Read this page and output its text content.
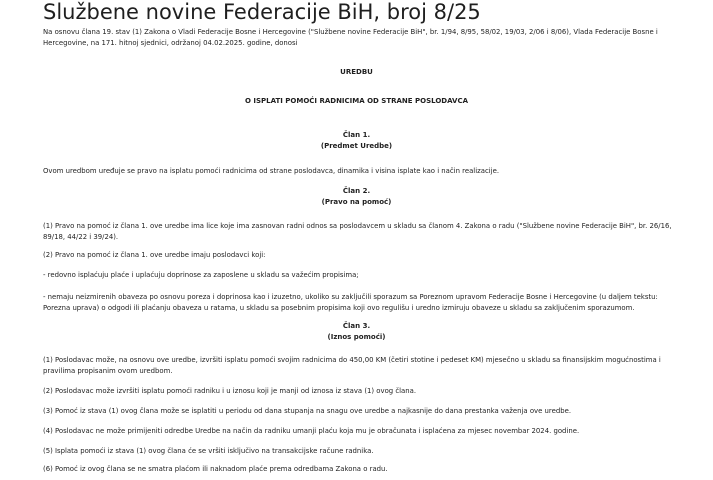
Službene novine Federacije BiH, broj 8/25
Na osnovu člana 19. stav (1) Zakona o Vladi Federacije Bosne i Hercegovine ("Službene novine Federacije BiH", br. 1/94, 8/95, 58/02, 19/03, 2/06 i 8/06), Vlada Federacije Bosne i Hercegovine, na 171. hitnoj sjednici, održanoj 04.02.2025. godine, donosi
UREDBU
O ISPLATI POMOĆI RADNICIMA OD STRANE POSLODAVCA
Član 1.
(Predmet Uredbe)
Ovom uredbom uređuje se pravo na isplatu pomoći radnicima od strane poslodavca, dinamika i visina isplate kao i način realizacije.
Član 2.
(Pravo na pomoć)
(1) Pravo na pomoć iz člana 1. ove uredbe ima lice koje ima zasnovan radni odnos sa poslodavcem u skladu sa članom 4. Zakona o radu ("Službene novine Federacije BiH", br. 26/16, 89/18, 44/22 i 39/24).
(2) Pravo na pomoć iz člana 1. ove uredbe imaju poslodavci koji:
- redovno isplaćuju plaće i uplaćuju doprinose za zaposlene u skladu sa važećim propisima;
- nemaju neizmirenih obaveza po osnovu poreza i doprinosa kao i izuzetno, ukoliko su zaključili sporazum sa Poreznom upravom Federacije Bosne i Hercegovine (u daljem tekstu: Porezna uprava) o odgodi ili plaćanju obaveza u ratama, u skladu sa posebnim propisima koji ovo regulišu i uredno izmiruju obaveze u skladu sa zaključenim sporazumom.
Član 3.
(Iznos pomoći)
(1) Poslodavac može, na osnovu ove uredbe, izvršiti isplatu pomoći svojim radnicima do 450,00 KM (četiri stotine i pedeset KM) mjesečno u skladu sa finansijskim mogućnostima i pravilima propisanim ovom uredbom.
(2) Poslodavac može izvršiti isplatu pomoći radniku i u iznosu koji je manji od iznosa iz stava (1) ovog člana.
(3) Pomoć iz stava (1) ovog člana može se isplatiti u periodu od dana stupanja na snagu ove uredbe a najkasnije do dana prestanka važenja ove uredbe.
(4) Poslodavac ne može primijeniti odredbe Uredbe na način da radniku umanji plaću koja mu je obračunata i isplaćena za mjesec novembar 2024. godine.
(5) Isplata pomoći iz stava (1) ovog člana će se vršiti isključivo na transakcijske račune radnika.
(6) Pomoć iz ovog člana se ne smatra plaćom ili naknadom plaće prema odredbama Zakona o radu.
